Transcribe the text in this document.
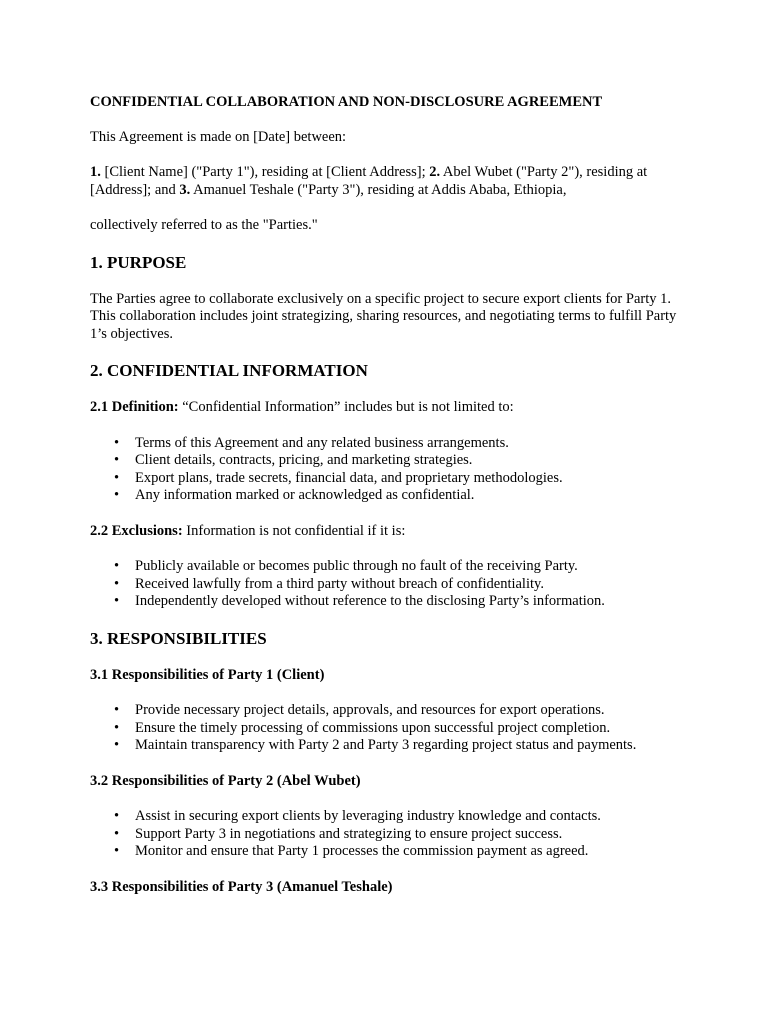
CONFIDENTIAL COLLABORATION AND NON-DISCLOSURE AGREEMENT

This Agreement is made on [Date] between:

1. [Client Name] ("Party 1"), residing at [Client Address]; 2. Abel Wubet ("Party 2"), residing at [Address]; and 3. Amanuel Teshale ("Party 3"), residing at Addis Ababa, Ethiopia,

collectively referred to as the "Parties."

1. PURPOSE

The Parties agree to collaborate exclusively on a specific project to secure export clients for Party 1. This collaboration includes joint strategizing, sharing resources, and negotiating terms to fulfill Party 1’s objectives.

2. CONFIDENTIAL INFORMATION

2.1 Definition: “Confidential Information” includes but is not limited to:

• Terms of this Agreement and any related business arrangements.
• Client details, contracts, pricing, and marketing strategies.
• Export plans, trade secrets, financial data, and proprietary methodologies.
• Any information marked or acknowledged as confidential.

2.2 Exclusions: Information is not confidential if it is:

• Publicly available or becomes public through no fault of the receiving Party.
• Received lawfully from a third party without breach of confidentiality.
• Independently developed without reference to the disclosing Party’s information.
3. RESPONSIBILITIES
3.1 Responsibilities of Party 1 (Client)
• Provide necessary project details, approvals, and resources for export operations.
• Ensure the timely processing of commissions upon successful project completion.
• Maintain transparency with Party 2 and Party 3 regarding project status and payments.
3.2 Responsibilities of Party 2 (Abel Wubet)
• Assist in securing export clients by leveraging industry knowledge and contacts.
• Support Party 3 in negotiations and strategizing to ensure project success.
• Monitor and ensure that Party 1 processes the commission payment as agreed.
3.3 Responsibilities of Party 3 (Amanuel Teshale)
